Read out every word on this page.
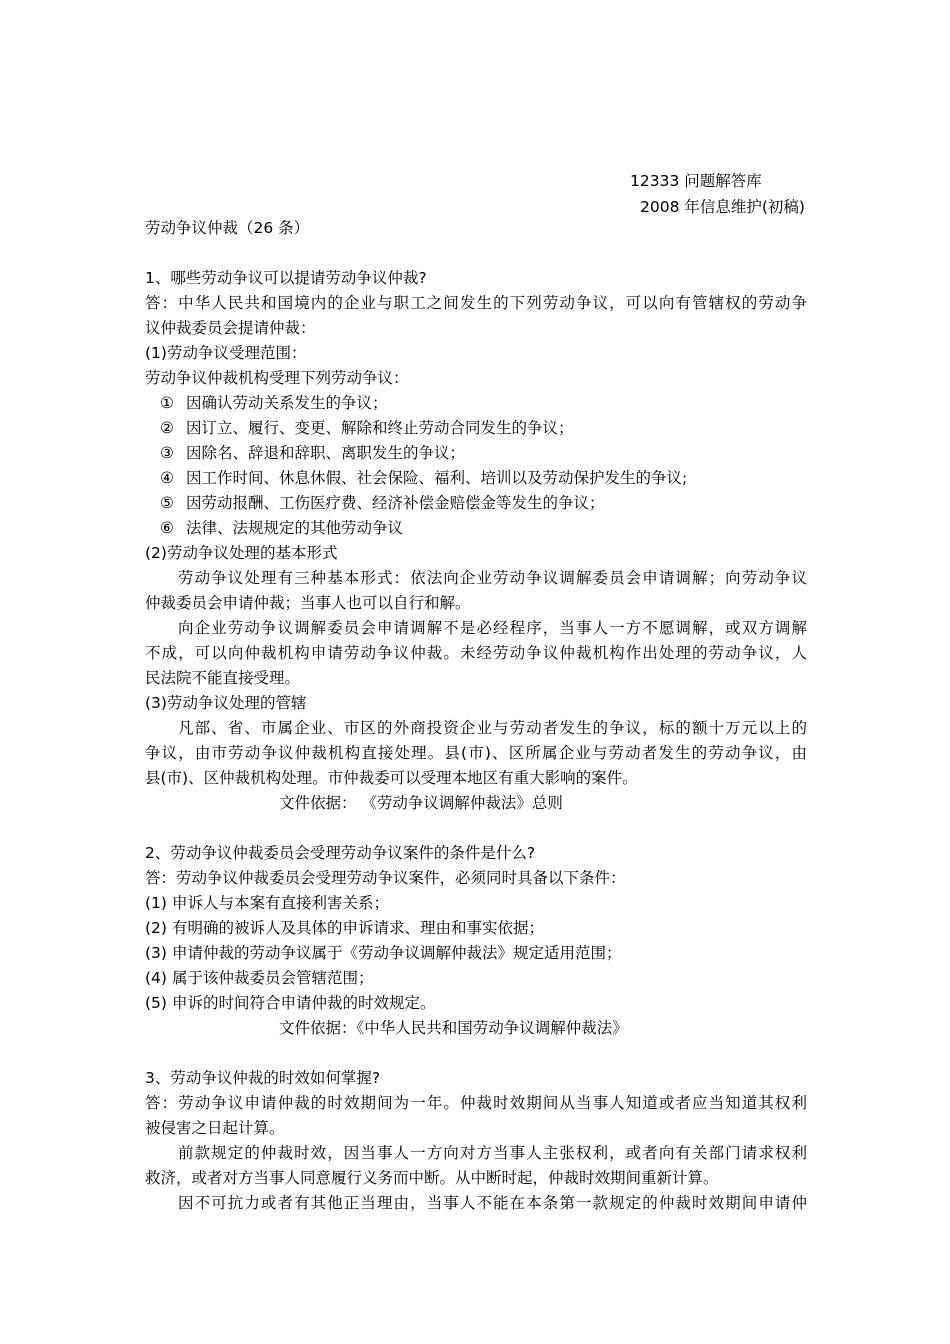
12333 问题解答库
2008 年信息维护(初稿)
劳动争议仲裁（26 条）
1、哪些劳动争议可以提请劳动争议仲裁?
答：中华人民共和国境内的企业与职工之间发生的下列劳动争议，可以向有管辖权的劳动争
议仲裁委员会提请仲裁：
(1)劳动争议受理范围：
劳动争议仲裁机构受理下列劳动争议：
① 因确认劳动关系发生的争议；
② 因订立、履行、变更、解除和终止劳动合同发生的争议；
③ 因除名、辞退和辞职、离职发生的争议；
④ 因工作时间、休息休假、社会保险、福利、培训以及劳动保护发生的争议;
⑤ 因劳动报酬、工伤医疗费、经济补偿金赔偿金等发生的争议；
⑥ 法律、法规规定的其他劳动争议
(2)劳动争议处理的基本形式
劳动争议处理有三种基本形式：依法向企业劳动争议调解委员会申请调解；向劳动争议
仲裁委员会申请仲裁；当事人也可以自行和解。
向企业劳动争议调解委员会申请调解不是必经程序，当事人一方不愿调解，或双方调解
不成，可以向仲裁机构申请劳动争议仲裁。未经劳动争议仲裁机构作出处理的劳动争议，人
民法院不能直接受理。
(3)劳动争议处理的管辖
凡部、省、市属企业、市区的外商投资企业与劳动者发生的争议，标的额十万元以上的
争议，由市劳动争议仲裁机构直接处理。县(市)、区所属企业与劳动者发生的劳动争议，由
县(市)、区仲裁机构处理。市仲裁委可以受理本地区有重大影响的案件。
文件依据： 《劳动争议调解仲裁法》总则
2、劳动争议仲裁委员会受理劳动争议案件的条件是什么?
答：劳动争议仲裁委员会受理劳动争议案件，必须同时具备以下条件：
(1) 申诉人与本案有直接利害关系；
(2) 有明确的被诉人及具体的申诉请求、理由和事实依据；
(3) 申请仲裁的劳动争议属于《劳动争议调解仲裁法》规定适用范围；
(4) 属于该仲裁委员会管辖范围；
(5) 申诉的时间符合申请仲裁的时效规定。
文件依据：《中华人民共和国劳动争议调解仲裁法》
3、劳动争议仲裁的时效如何掌握?
答：劳动争议申请仲裁的时效期间为一年。仲裁时效期间从当事人知道或者应当知道其权利
被侵害之日起计算。
前款规定的仲裁时效，因当事人一方向对方当事人主张权利，或者向有关部门请求权利
救济，或者对方当事人同意履行义务而中断。从中断时起，仲裁时效期间重新计算。
因不可抗力或者有其他正当理由，当事人不能在本条第一款规定的仲裁时效期间申请仲
